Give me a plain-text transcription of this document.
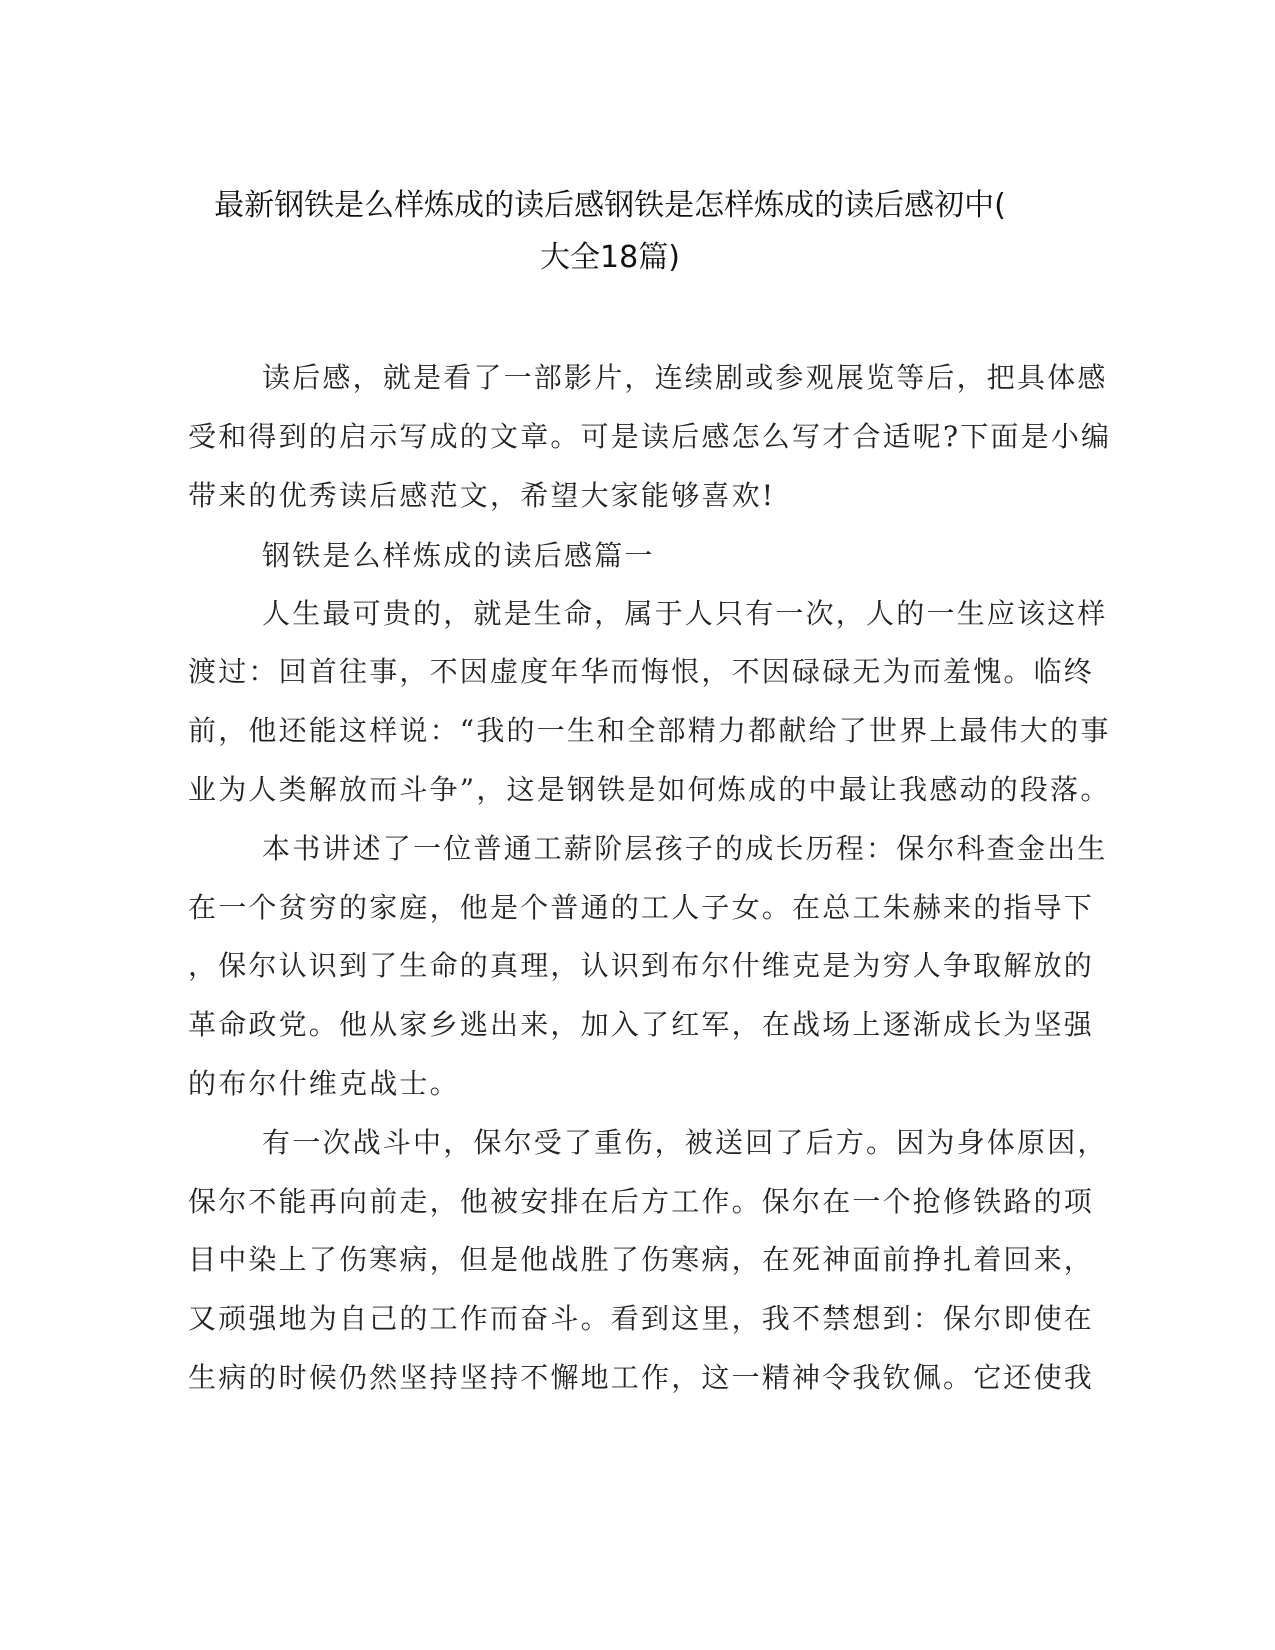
最新钢铁是么样炼成的读后感钢铁是怎样炼成的读后感初中(
大全18篇)

读后感，就是看了一部影片，连续剧或参观展览等后，把具体感

受和得到的启示写成的文章。可是读后感怎么写才合适呢?下面是小编

带来的优秀读后感范文，希望大家能够喜欢!

钢铁是么样炼成的读后感篇一

人生最可贵的，就是生命，属于人只有一次，人的一生应该这样

渡过：回首往事，不因虚度年华而悔恨，不因碌碌无为而羞愧。临终

前，他还能这样说：“我的一生和全部精力都献给了世界上最伟大的事

业为人类解放而斗争”，这是钢铁是如何炼成的中最让我感动的段落。

本书讲述了一位普通工薪阶层孩子的成长历程：保尔科查金出生

在一个贫穷的家庭，他是个普通的工人子女。在总工朱赫来的指导下

，保尔认识到了生命的真理，认识到布尔什维克是为穷人争取解放的

革命政党。他从家乡逃出来，加入了红军，在战场上逐渐成长为坚强

的布尔什维克战士。

有一次战斗中，保尔受了重伤，被送回了后方。因为身体原因，

保尔不能再向前走，他被安排在后方工作。保尔在一个抢修铁路的项

目中染上了伤寒病，但是他战胜了伤寒病，在死神面前挣扎着回来，

又顽强地为自己的工作而奋斗。看到这里，我不禁想到：保尔即使在

生病的时候仍然坚持坚持不懈地工作，这一精神令我钦佩。它还使我
